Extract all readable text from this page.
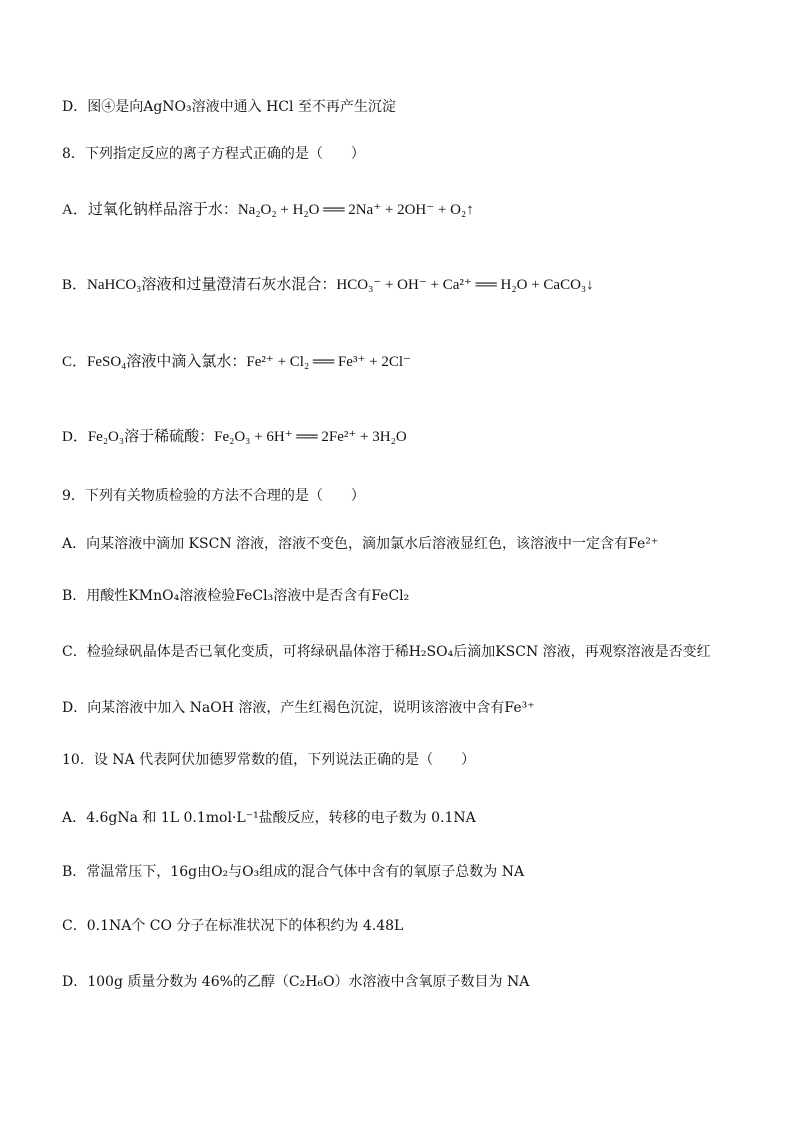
D．图④是向AgNO₃溶液中通入 HCl 至不再产生沉淀
8．下列指定反应的离子方程式正确的是（　　）
A．过氧化钠样品溶于水：Na₂O₂ + H₂O ══ 2Na⁺ + 2OH⁻ + O₂↑
B．NaHCO₃溶液和过量澄清石灰水混合：HCO₃⁻ + OH⁻ + Ca²⁺ ══ H₂O + CaCO₃↓
C．FeSO₄溶液中滴入氯水：Fe²⁺ + Cl₂ ══ Fe³⁺ + 2Cl⁻
D．Fe₂O₃溶于稀硫酸：Fe₂O₃ + 6H⁺ ══ 2Fe²⁺ + 3H₂O
9．下列有关物质检验的方法不合理的是（　　）
A．向某溶液中滴加 KSCN 溶液，溶液不变色，滴加氯水后溶液显红色，该溶液中一定含有Fe²⁺
B．用酸性KMnO₄溶液检验FeCl₃溶液中是否含有FeCl₂
C．检验绿矾晶体是否已氧化变质，可将绿矾晶体溶于稀H₂SO₄后滴加KSCN 溶液，再观察溶液是否变红
D．向某溶液中加入 NaOH 溶液，产生红褐色沉淀，说明该溶液中含有Fe³⁺
10．设 NA 代表阿伏加德罗常数的值，下列说法正确的是（　　）
A．4.6gNa 和 1L 0.1mol·L⁻¹盐酸反应，转移的电子数为 0.1NA
B．常温常压下，16g由O₂与O₃组成的混合气体中含有的氧原子总数为 NA
C．0.1NA个 CO 分子在标准状况下的体积约为 4.48L
D．100g 质量分数为 46%的乙醇（C₂H₆O）水溶液中含氧原子数目为 NA
